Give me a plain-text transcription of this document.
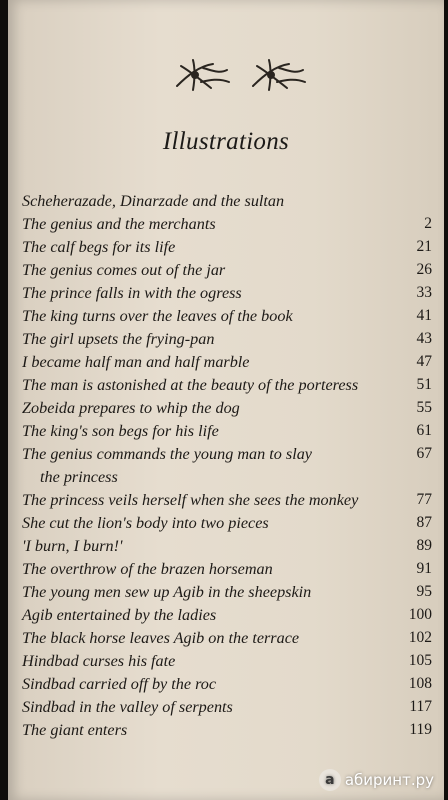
Illustrations
Scheherazade, Dinarzade and the sultan
The genius and the merchants	2
The calf begs for its life	21
The genius comes out of the jar	26
The prince falls in with the ogress	33
The king turns over the leaves of the book	41
The girl upsets the frying-pan	43
I became half man and half marble	47
The man is astonished at the beauty of the porteress	51
Zobeida prepares to whip the dog	55
The king's son begs for his life	61
The genius commands the young man to slay	67
the princess
The princess veils herself when she sees the monkey	77
She cut the lion's body into two pieces	87
'I burn, I burn!'	89
The overthrow of the brazen horseman	91
The young men sew up Agib in the sheepskin	95
Agib entertained by the ladies	100
The black horse leaves Agib on the terrace	102
Hindbad curses his fate	105
Sindbad carried off by the roc	108
Sindbad in the valley of serpents	117
The giant enters	119
a абиринт.ру
